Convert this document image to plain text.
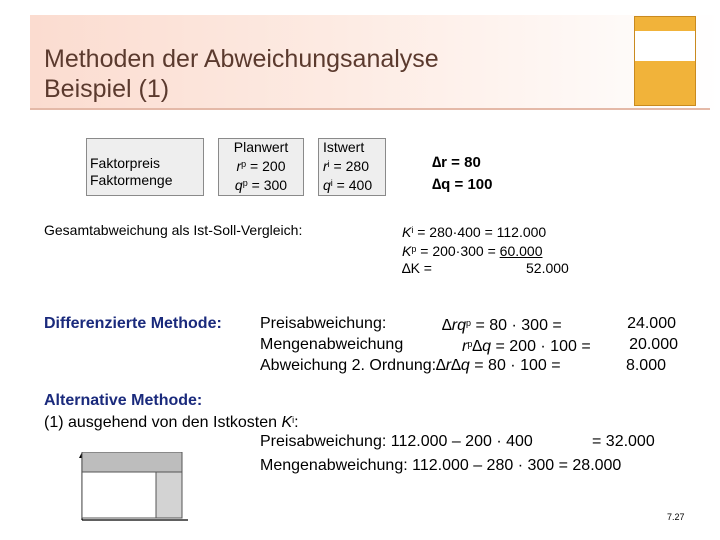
Methoden der Abweichungsanalyse
Beispiel (1)
Faktorpreis
Faktormenge
Planwert
$r^p = 200$
$q^p = 300$
Istwert
$r^i = 280$
$q^i = 400$
∆r = 80
∆q = 100
Gesamtabweichung als Ist-Soll-Vergleich:	$K^i = 280\cdot 400 = 112.000$
$K^p = 200\cdot 300 = 60.000$
∆K =	52.000
Differenzierte Methode: Preisabweichung:	$\Delta rq^p = 80 \cdot 300$ =	24.000
Mengenabweichung	$r^p\Delta q = 200 \cdot 100$ =	20.000
Abweichung 2. Ordnung: ∆r∆q = 80 · 100 =	8.000
Alternative Methode:
(1) ausgehend von den Istkosten $K^i$:
Preisabweichung: 112.000 – 200 · 400	= 32.000
Mengenabweichung: 112.000 – 280 · 300 = 28.000
7.27
